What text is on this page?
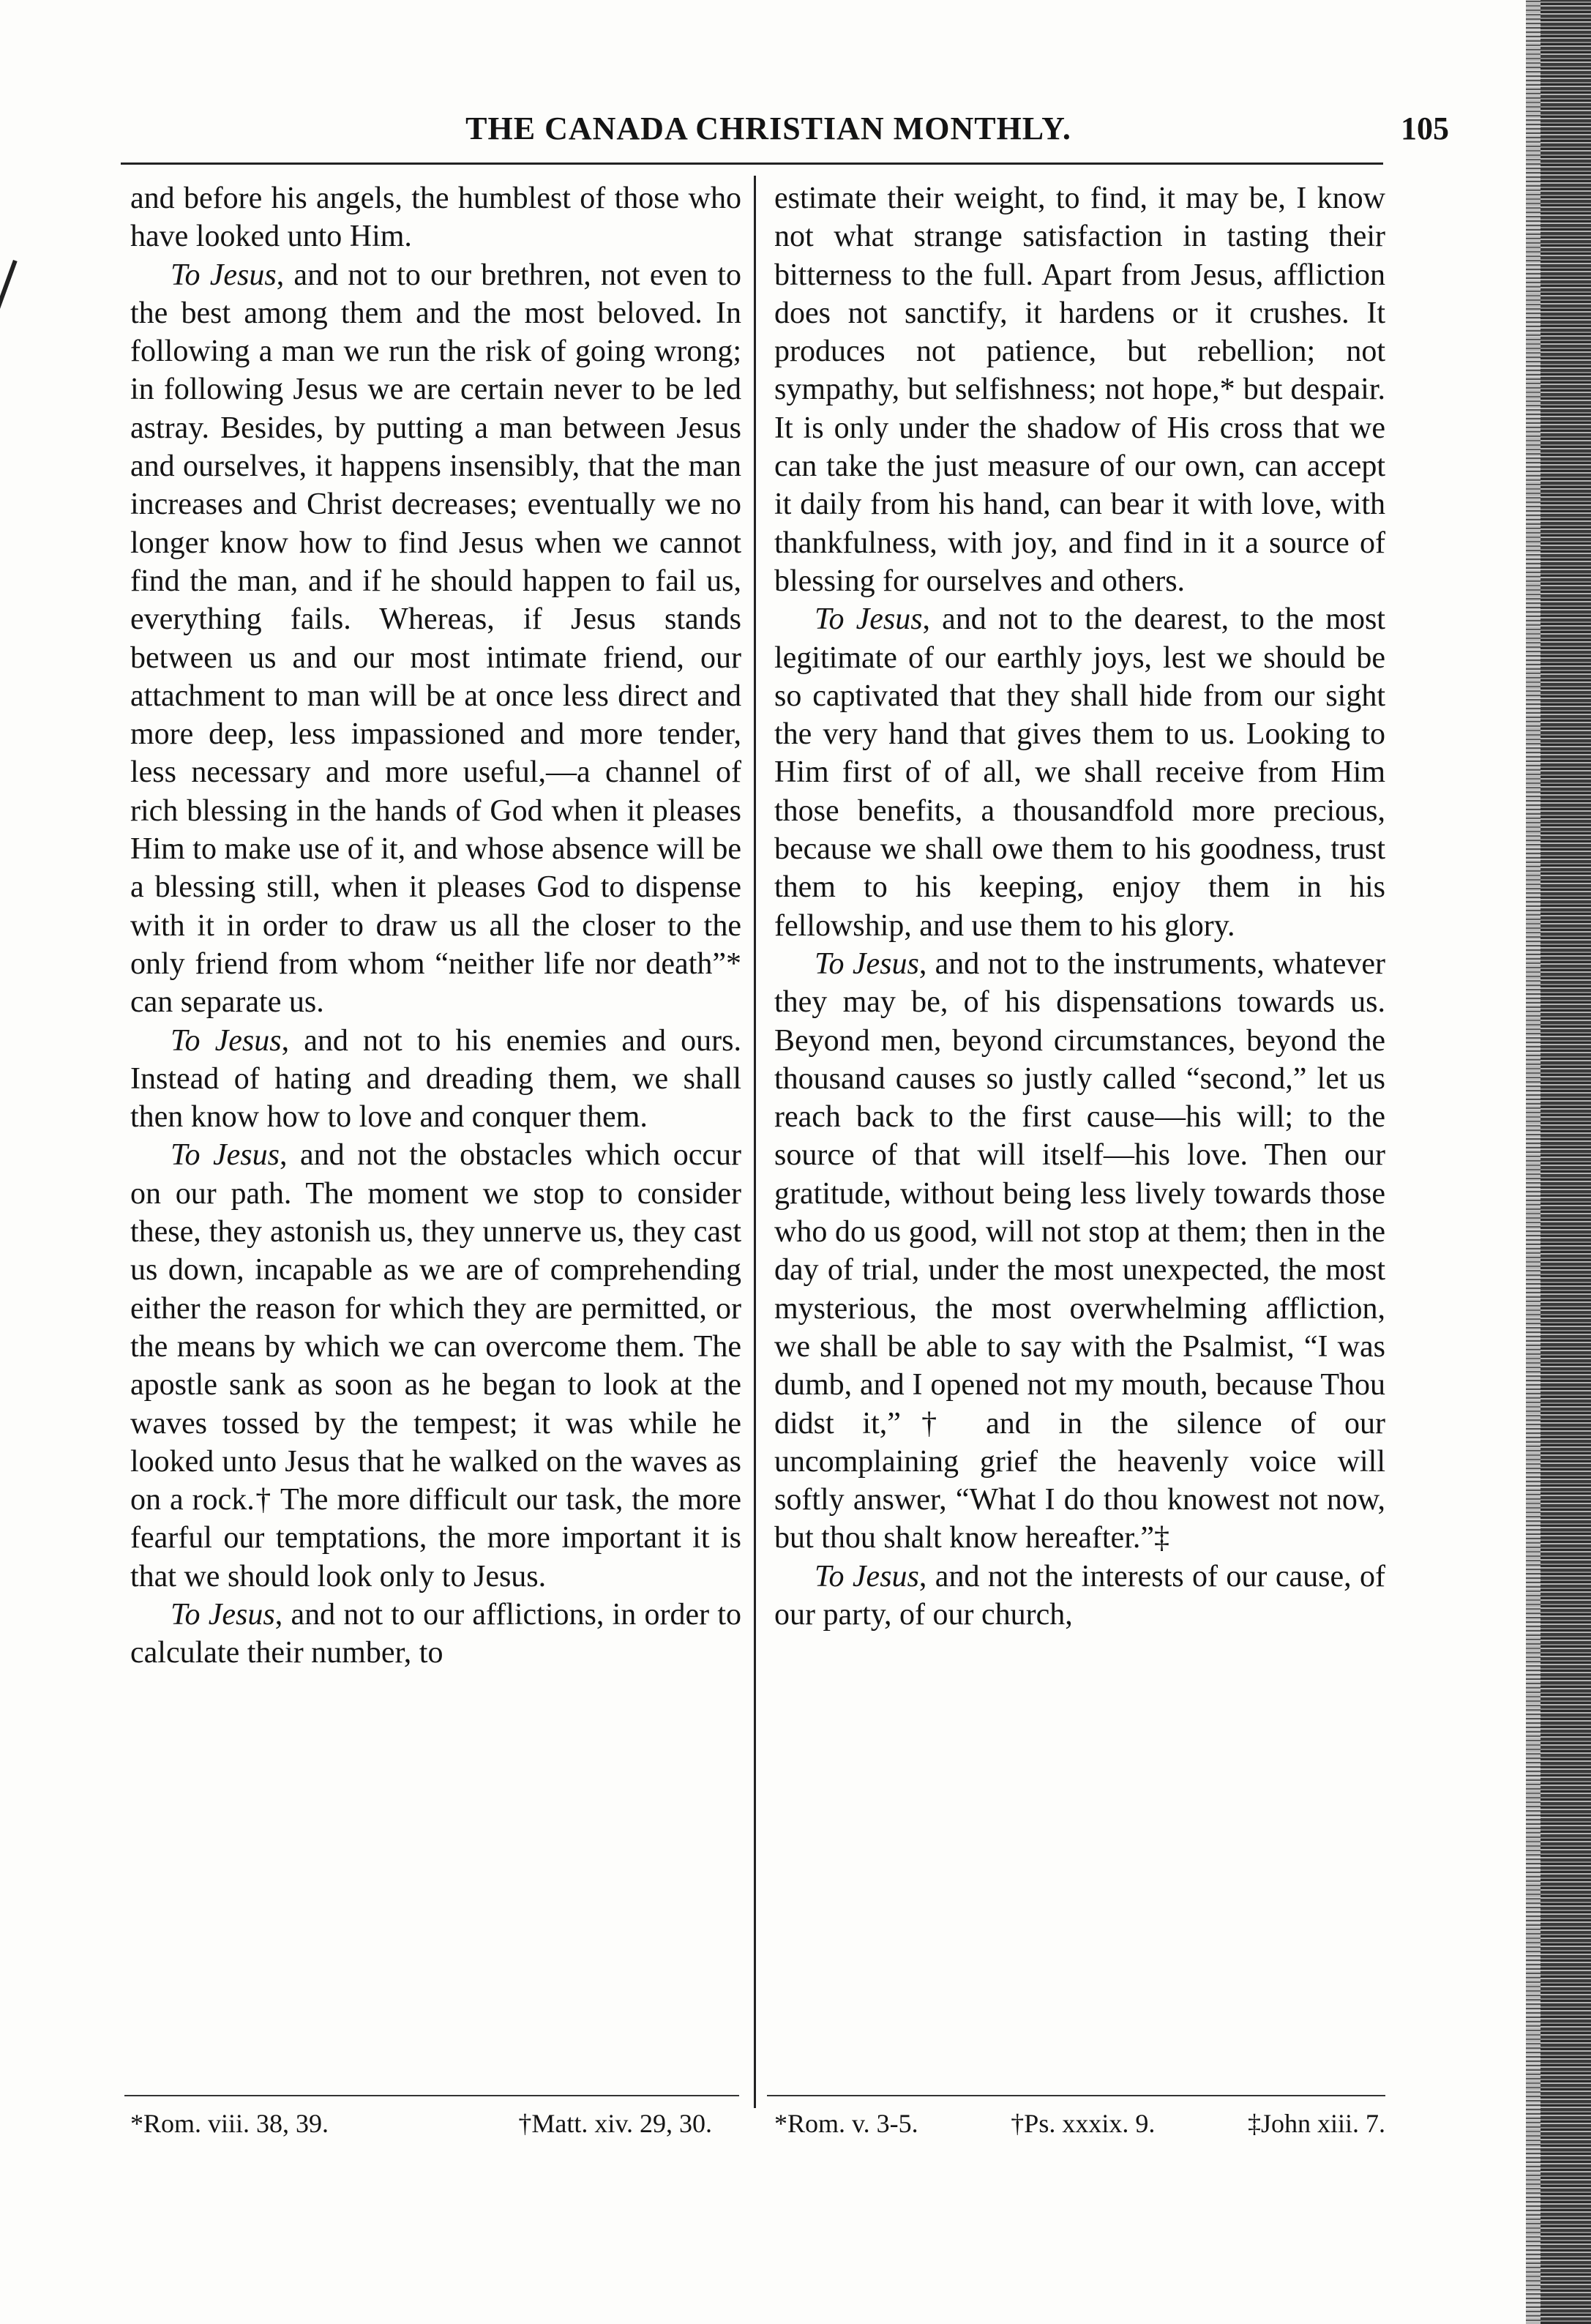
THE CANADA CHRISTIAN MONTHLY.	105

and before his angels, the humblest of those who have looked unto Him.

To Jesus, and not to our brethren, not even to the best among them and the most beloved. In following a man we run the risk of going wrong; in following Jesus we are certain never to be led astray. Besides, by putting a man between Jesus and ourselves, it happens insensibly, that the man increases and Christ decreases; eventually we no longer know how to find Jesus when we cannot find the man, and if he should happen to fail us, everything fails. Whereas, if Jesus stands between us and our most intimate friend, our attachment to man will be at once less direct and more deep, less impassioned and more tender, less necessary and more useful,—a channel of rich blessing in the hands of God when it pleases Him to make use of it, and whose absence will be a blessing still, when it pleases God to dispense with it in order to draw us all the closer to the only friend from whom “neither life nor death”* can separate us.

To Jesus, and not to his enemies and ours. Instead of hating and dreading them, we shall then know how to love and conquer them.

To Jesus, and not the obstacles which occur on our path. The moment we stop to consider these, they astonish us, they unnerve us, they cast us down, incapable as we are of comprehending either the reason for which they are permitted, or the means by which we can overcome them. The apostle sank as soon as he began to look at the waves tossed by the tempest; it was while he looked unto Jesus that he walked on the waves as on a rock.† The more difficult our task, the more fearful our temptations, the more important it is that we should look only to Jesus.

To Jesus, and not to our afflictions, in order to calculate their number, to

estimate their weight, to find, it may be, I know not what strange satisfaction in tasting their bitterness to the full. Apart from Jesus, affliction does not sanctify, it hardens or it crushes. It produces not patience, but rebellion; not sympathy, but selfishness; not hope,* but despair. It is only under the shadow of His cross that we can take the just measure of our own, can accept it daily from his hand, can bear it with love, with thankfulness, with joy, and find in it a source of blessing for ourselves and others.

To Jesus, and not to the dearest, to the most legitimate of our earthly joys, lest we should be so captivated that they shall hide from our sight the very hand that gives them to us. Looking to Him first of of all, we shall receive from Him those benefits, a thousandfold more precious, because we shall owe them to his goodness, trust them to his keeping, enjoy them in his fellowship, and use them to his glory.

To Jesus, and not to the instruments, whatever they may be, of his dispensations towards us. Beyond men, beyond circumstances, beyond the thousand causes so justly called “second,” let us reach back to the first cause—his will; to the source of that will itself—his love. Then our gratitude, without being less lively towards those who do us good, will not stop at them; then in the day of trial, under the most unexpected, the most mysterious, the most overwhelming affliction, we shall be able to say with the Psalmist, “I was dumb, and I opened not my mouth, because Thou didst it,”† and in the silence of our uncomplaining grief the heavenly voice will softly answer, “What I do thou knowest not now, but thou shalt know hereafter.”‡

To Jesus, and not the interests of our cause, of our party, of our church,

*Rom. viii. 38, 39.	†Matt. xiv. 29, 30. *Rom. v. 3-5.	†Ps. xxxix. 9.	‡John xiii. 7.
